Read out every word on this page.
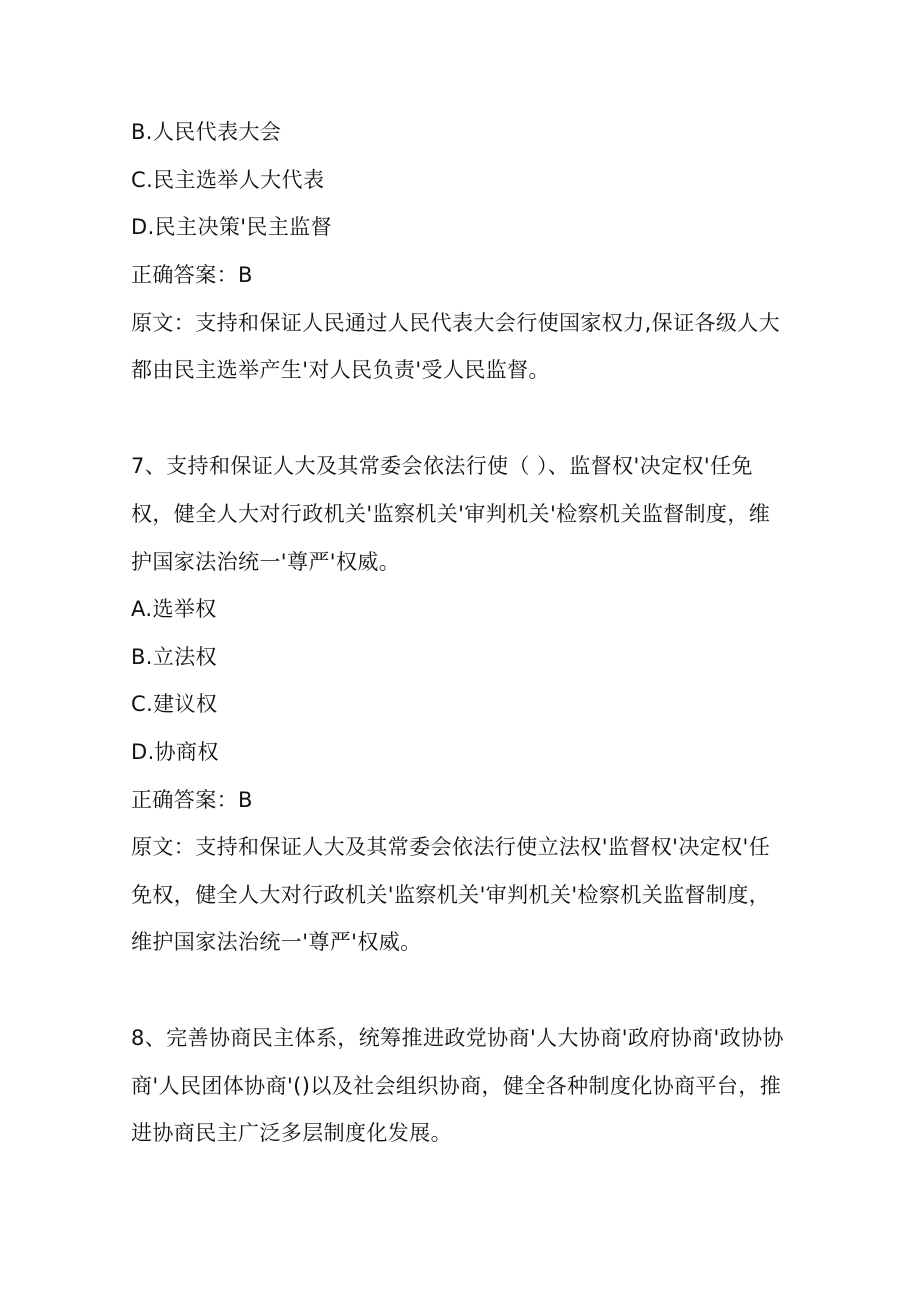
B.人民代表大会
C.民主选举人大代表
D.民主决策'民主监督
正确答案：B
原文：支持和保证人民通过人民代表大会行使国家权力,保证各级人大
都由民主选举产生'对人民负责'受人民监督。
7、支持和保证人大及其常委会依法行使（ ）、监督权'决定权'任免
权，健全人大对行政机关'监察机关'审判机关'检察机关监督制度，维
护国家法治统一'尊严'权威。
A.选举权
B.立法权
C.建议权
D.协商权
正确答案：B
原文：支持和保证人大及其常委会依法行使立法权'监督权'决定权'任
免权，健全人大对行政机关'监察机关'审判机关'检察机关监督制度，
维护国家法治统一'尊严'权威。
8、完善协商民主体系，统筹推进政党协商'人大协商'政府协商'政协协
商'人民团体协商'()以及社会组织协商，健全各种制度化协商平台，推
进协商民主广泛多层制度化发展。
